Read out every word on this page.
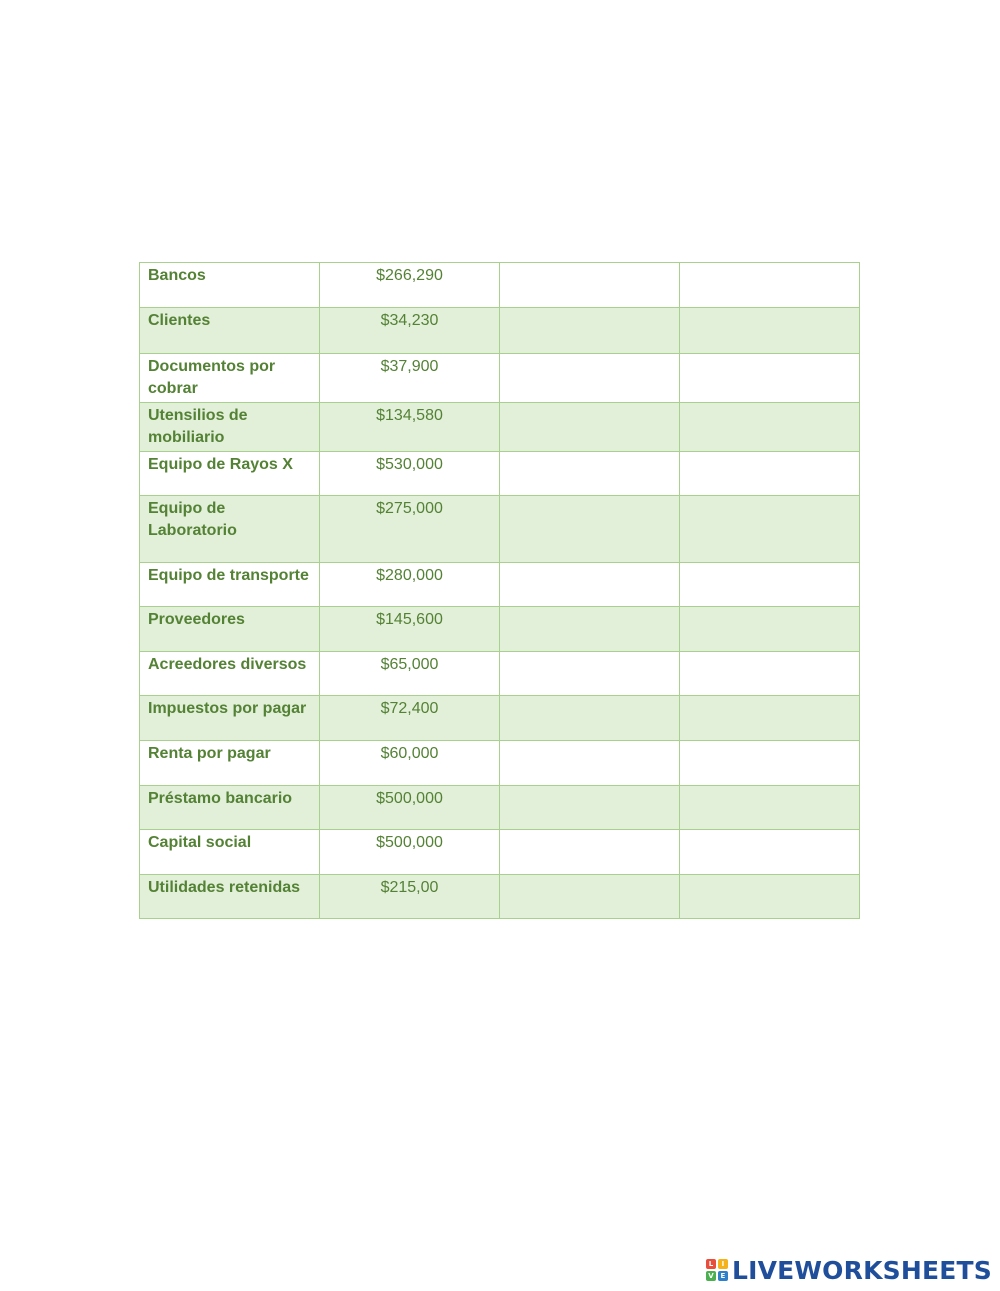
Bancos	$266,290		
Clientes	$34,230		
Documentos por cobrar	$37,900		
Utensilios de mobiliario	$134,580		
Equipo de Rayos X	$530,000		
Equipo de Laboratorio	$275,000		
Equipo de transporte	$280,000		
Proveedores	$145,600		
Acreedores diversos	$65,000		
Impuestos por pagar	$72,400		
Renta por pagar	$60,000		
Préstamo bancario	$500,000		
Capital social	$500,000		
Utilidades retenidas	$215,00		
L	I
V E LIVEWORKSHEETS
